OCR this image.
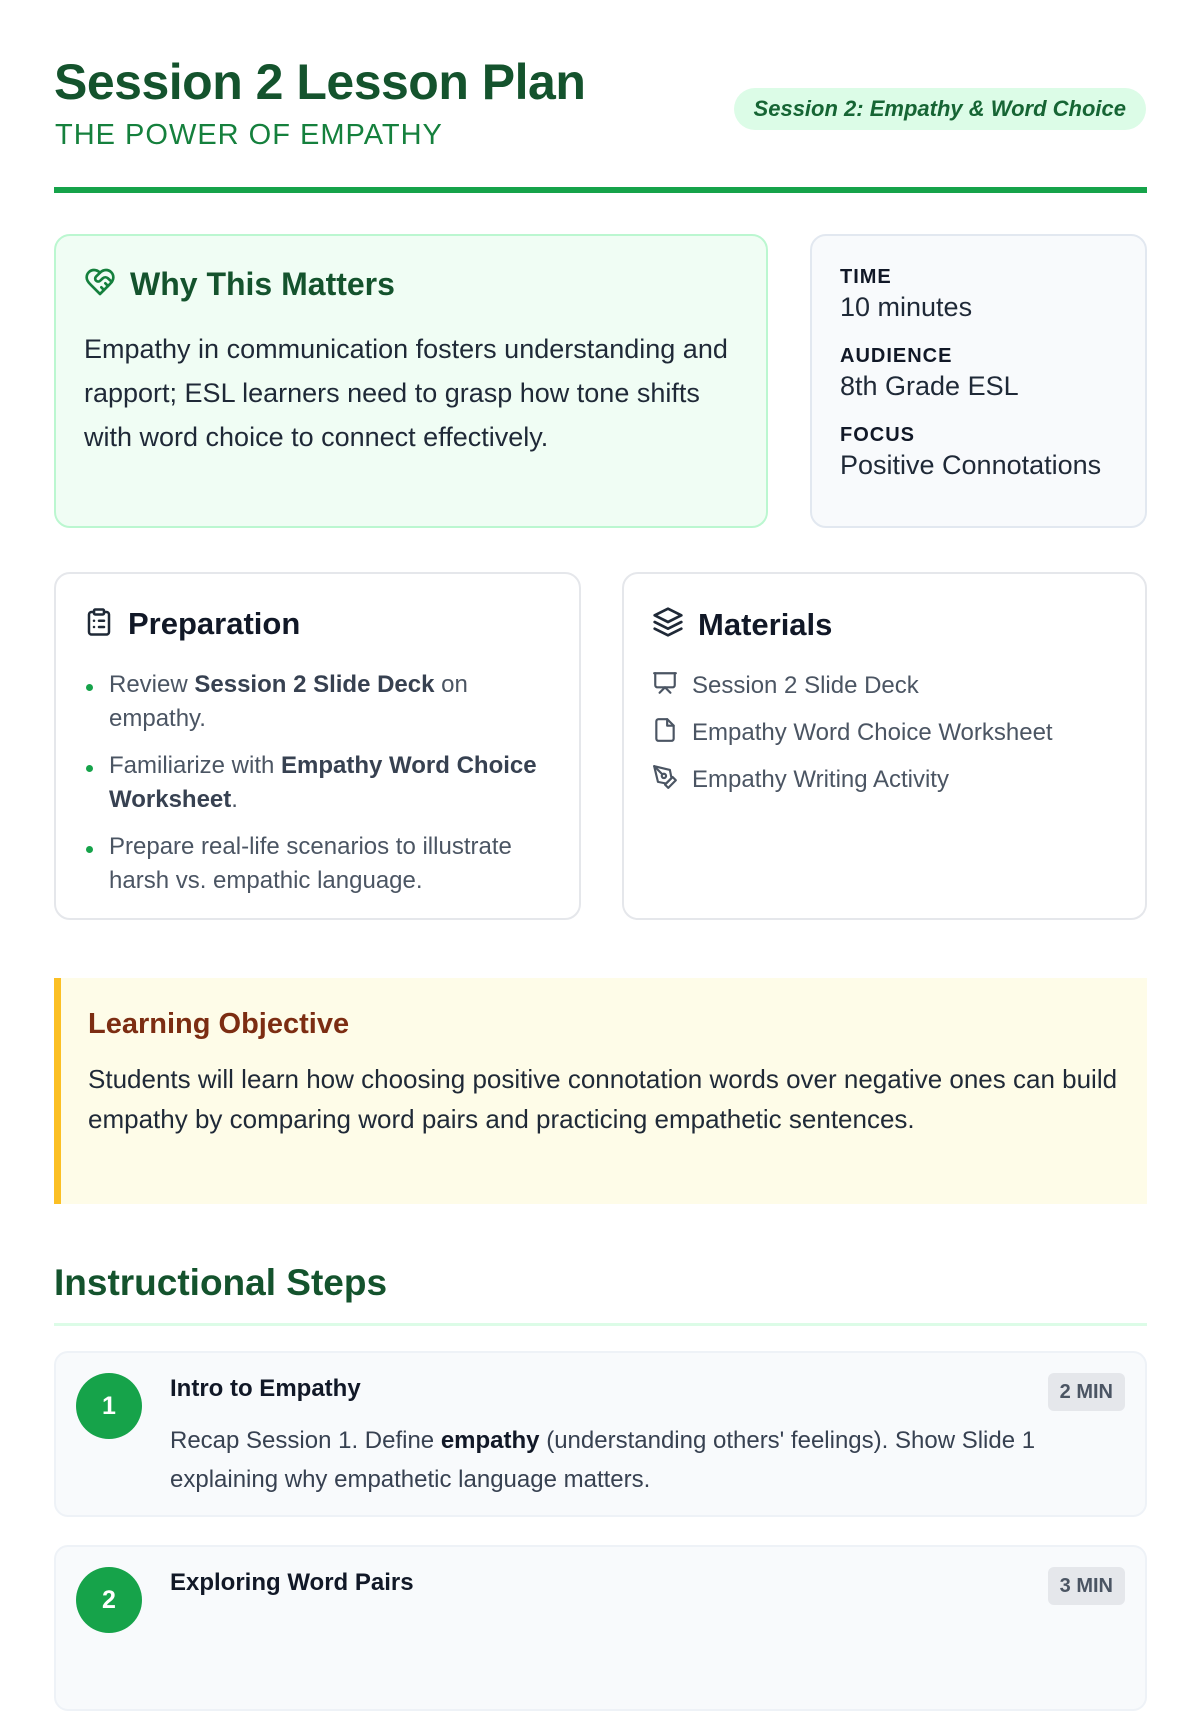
Session 2 Lesson Plan
THE POWER OF EMPATHY
Session 2: Empathy & Word Choice
Why This Matters

Empathy in communication fosters understanding and rapport; ESL learners need to grasp how tone shifts with word choice to connect effectively.

TIME
10 minutes
AUDIENCE
8th Grade ESL
FOCUS
Positive Connotations
Preparation
Review Session 2 Slide Deck on empathy.
Familiarize with Empathy Word Choice Worksheet.
Prepare real-life scenarios to illustrate harsh vs. empathic language.
Materials
Session 2 Slide Deck
Empathy Word Choice Worksheet
Empathy Writing Activity
Learning Objective

Students will learn how choosing positive connotation words over negative ones can build empathy by comparing word pairs and practicing empathetic sentences.

Instructional Steps
1
Intro to Empathy	2 MIN
Recap Session 1. Define empathy (understanding others' feelings). Show Slide 1 explaining why empathetic language matters.
2
Exploring Word Pairs	3 MIN
